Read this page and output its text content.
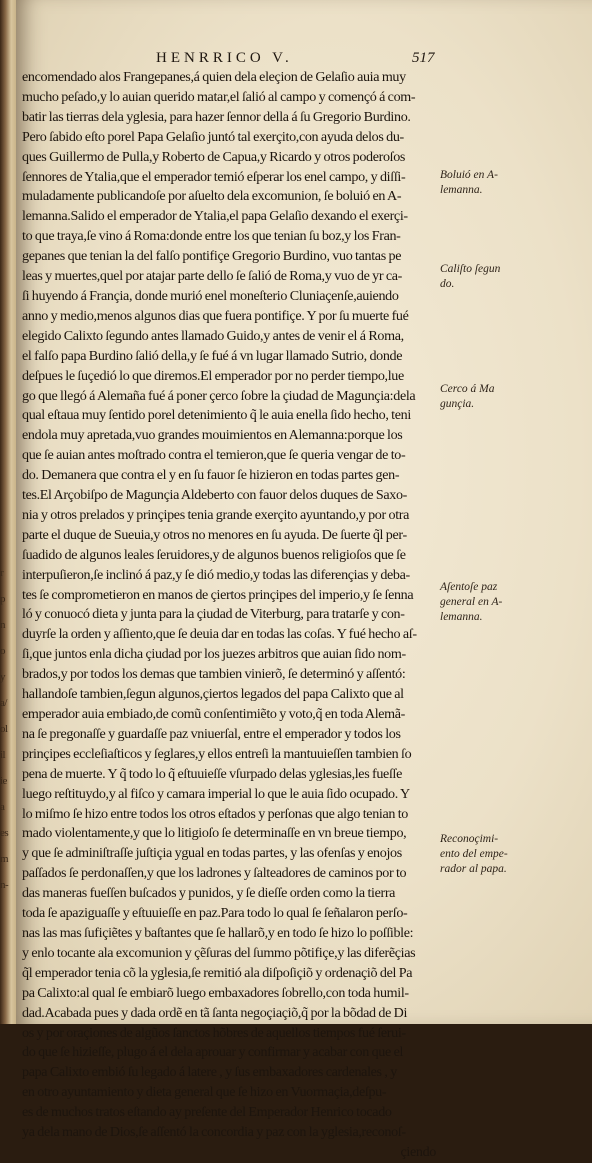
r
p
n
o
y
a/
ol
il
ie
a
es
m
n-
HENRRICO V.	517
encomendado alos Frangepanes,á quien dela eleçion de Gelaſio auia muy
mucho peſado,y lo auian querido matar,el ſalió al campo y començó á com-
batir las tierras dela yglesia, para hazer ſennor della á ſu Gregorio Burdino.
Pero ſabido eſto porel Papa Gelaſio juntó tal exerçito,con ayuda delos du-
ques Guillermo de Pulla,y Roberto de Capua,y Ricardo y otros poderoſos
ſennores de Ytalia,que el emperador temió eſperar los enel campo, y diſſi-
muladamente publicandoſe por aſuelto dela excomunion, ſe boluió en A-
lemanna.Salido el emperador de Ytalia,el papa Gelaſio dexando el exerçi-
to que traya,ſe vino á Roma:donde entre los que tenian ſu boz,y los Fran-
gepanes que tenian la del falſo pontifiçe Gregorio Burdino, vuo tantas pe
leas y muertes,quel por atajar parte dello ſe ſalió de Roma,y vuo de yr ca-
ſi huyendo á Françia, donde murió enel moneſterio Cluniaçenſe,auiendo
anno y medio,menos algunos dias que fuera pontifiçe. Y por ſu muerte fué
elegido Calixto ſegundo antes llamado Guido,y antes de venir el á Roma,
el falſo papa Burdino ſalió della,y ſe fué á vn lugar llamado Sutrio, donde
deſpues le ſuçedió lo que diremos.El emperador por no perder tiempo,lue
go que llegó á Alemaña fué á poner çerco ſobre la çiudad de Magunçia:dela
qual eſtaua muy ſentido porel detenimiento q̃ le auia enella ſido hecho, teni
endola muy apretada,vuo grandes mouimientos en Alemanna:porque los
que ſe auian antes moſtrado contra el temieron,que ſe queria vengar de to-
do. Demanera que contra el y en ſu fauor ſe hizieron en todas partes gen-
tes.El Arçobiſpo de Magunçia Aldeberto con fauor delos duques de Saxo-
nia y otros prelados y prinçipes tenia grande exerçito ayuntando,y por otra
parte el duque de Sueuia,y otros no menores en ſu ayuda. De ſuerte q̃l per-
ſuadido de algunos leales ſeruidores,y de algunos buenos religioſos que ſe
interpuſieron,ſe inclinó á paz,y ſe dió medio,y todas las diferençias y deba-
tes ſe comprometieron en manos de çiertos prinçipes del imperio,y ſe ſenna
ló y conuocó dieta y junta para la çiudad de Viterburg, para tratarſe y con-
duyrſe la orden y aſſiento,que ſe deuia dar en todas las coſas. Y fué hecho aſ-
ſi,que juntos enla dicha çiudad por los juezes arbitros que auian ſido nom-
brados,y por todos los demas que tambien vinierõ, ſe determinó y aſſentó:
hallandoſe tambien,ſegun algunos,çiertos legados del papa Calixto que al
emperador auia embiado,de comũ conſentimiẽto y voto,q̃ en toda Alemã-
na ſe pregonaſſe y guardaſſe paz vniuerſal, entre el emperador y todos los
prinçipes eccleſiaſticos y ſeglares,y ellos entreſi la mantuuieſſen tambien ſo
pena de muerte. Y q̃ todo lo q̃ eſtuuieſſe vſurpado delas yglesias,les fueſſe
luego reſtituydo,y al fiſco y camara imperial lo que le auia ſido ocupado. Y
lo miſmo ſe hizo entre todos los otros eſtados y perſonas que algo tenian to
mado violentamente,y que lo litigioſo ſe determinaſſe en vn breue tiempo,
y que ſe adminiſtraſſe juſtiçia ygual en todas partes, y las ofenſas y enojos
paſſados ſe perdonaſſen,y que los ladrones y ſalteadores de caminos por to
das maneras fueſſen buſcados y punidos, y ſe dieſſe orden como la tierra
toda ſe apaziguaſſe y eſtuuieſſe en paz.Para todo lo qual ſe ſeñalaron perſo-
nas las mas ſufiçiẽtes y baſtantes que ſe hallarõ,y en todo ſe hizo lo poſſible:
y enlo tocante ala excomunion y çẽſuras del ſummo põtifiçe,y las diferẽçias
q̃l emperador tenia cõ la yglesia,ſe remitió ala diſpoſiçiõ y ordenaçiõ del Pa
pa Calixto:al qual ſe embiarõ luego embaxadores ſobrello,con toda humil-
dad.Acabada pues y dada ordẽ en tã ſanta negoçiaçiõ,q̃ por la bõdad de Di
os y por oraçiones de algũos ſanctos hõbres de aquellos tiempos fué ſerui-
do que ſe hizieſſe, plugo á el dela aprouar y confirmar y acabar con que el
papa Calixto embió ſu legado á latere , y ſus embaxadores cardenales , y
en otro ayuntamiento y dieta general que ſe hizo en Vuormaçia,deſpu-
es de muchos tratos eſtando ay preſente del Emperador Henrico tocado
ya dela mano de Dios,ſe aſſentó la concordia y paz con la yglesia,reconoſ-
çiendo
Boluió en A-
lemanna.
Caliſto ſegun
do.
Cerco á Ma
gunçia.
Aſentoſe paz
general en A-
lemanna.
Reconoçimi-
ento del empe-
rador al papa.
